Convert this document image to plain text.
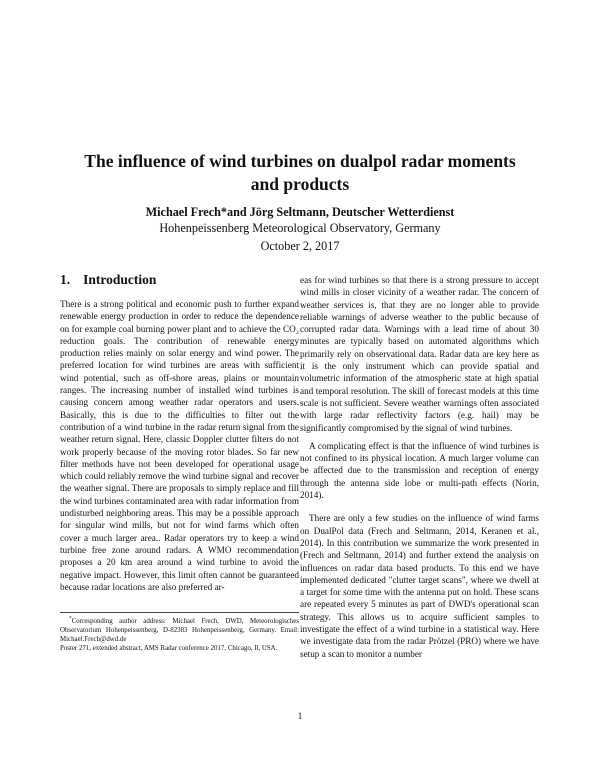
The influence of wind turbines on dualpol radar moments and products
Michael Frech*and Jörg Seltmann, Deutscher Wetterdienst
Hohenpeissenberg Meteorological Observatory, Germany
October 2, 2017
1. Introduction

There is a strong political and economic push to further expand renewable energy production in order to reduce the dependence on for example coal burning power plant and to achieve the CO₂ reduction goals. The contribution of renewable energy production relies mainly on solar energy and wind power. The preferred location for wind turbines are areas with sufficient wind potential, such as off-shore areas, plains or mountain ranges. The increasing number of installed wind turbines is causing concern among weather radar operators and users. Basically, this is due to the difficulties to filter out the contribution of a wind turbine in the radar return signal from the weather return signal. Here, classic Doppler clutter filters do not work properly because of the moving rotor blades. So far new filter methods have not been developed for operational usage which could reliably remove the wind turbine signal and recover the weather signal. There are proposals to simply replace and fill the wind turbines contaminated area with radar information from undisturbed neighboring areas. This may be a possible approach for singular wind mills, but not for wind farms which often cover a much larger area.. Radar operators try to keep a wind turbine free zone around radars. A WMO recommendation proposes a 20 km area around a wind turbine to avoid the negative impact. However, this limit often cannot be guaranteed because radar locations are also preferred ar-

eas for wind turbines so that there is a strong pressure to accept wind mills in closer vicinity of a weather radar. The concern of weather services is, that they are no longer able to provide reliable warnings of adverse weather to the public because of corrupted radar data. Warnings with a lead time of about 30 minutes are typically based on automated algorithms which primarily rely on observational data. Radar data are key here as it is the only instrument which can provide spatial and volumetric information of the atmospheric state at high spatial and temporal resolution. The skill of forecast models at this time scale is not sufficient. Severe weather warnings often associated with large radar reflectivity factors (e.g. hail) may be significantly compromised by the signal of wind turbines.

A complicating effect is that the influence of wind turbines is not confined to its physical location. A much larger volume can be affected due to the transmission and reception of energy through the antenna side lobe or multi-path effects (Norin, 2014).

There are only a few studies on the influence of wind farms on DualPol data (Frech and Seltmann, 2014, Keranen et al., 2014). In this contribution we summarize the work presented in (Frech and Seltmann, 2014) and further extend the analysis on influences on radar data based products. To this end we have implemented dedicated "clutter target scans", where we dwell at a target for some time with the antenna put on hold. These scans are repeated every 5 minutes as part of DWD's operational scan strategy. This allows us to acquire sufficient samples to investigate the effect of a wind turbine in a statistical way. Here we investigate data from the radar Prötzel (PRO) where we have setup a scan to monitor a number

*Corresponding author address: Michael Frech, DWD, Meteorologisches Observatorium Hohenpeissenberg, D-82383 Hohenpeissenberg, Germany. Email: Michael.Frech@dwd.de

Poster 271, extended abstract, AMS Radar conference 2017, Chicago, Il, USA.

1
